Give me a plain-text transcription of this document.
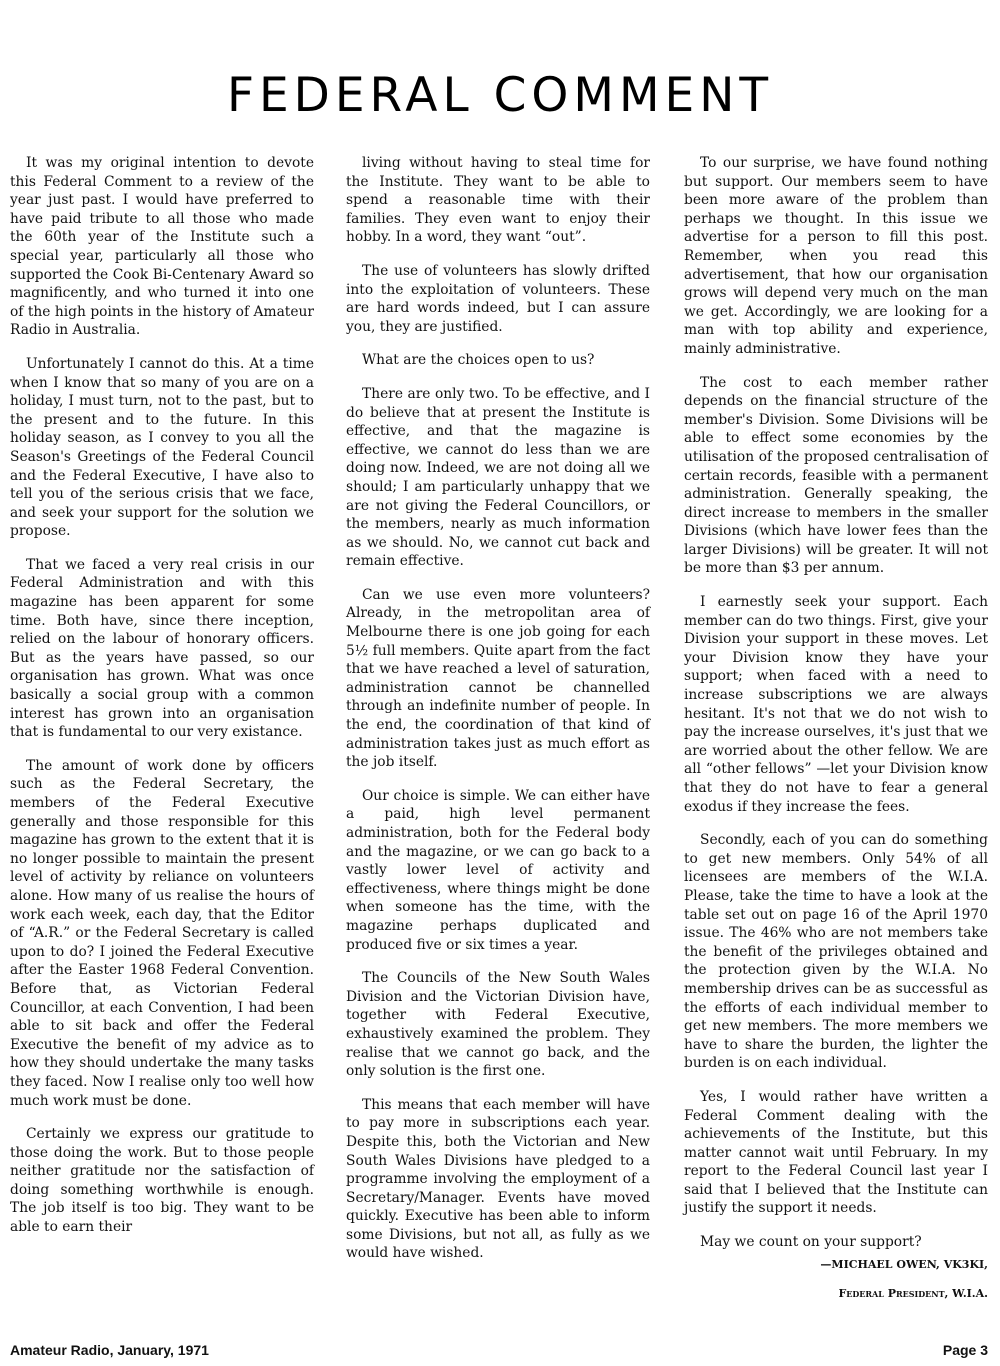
FEDERAL COMMENT

It was my original intention to devote this Federal Comment to a review of the year just past. I would have preferred to have paid tribute to all those who made the 60th year of the Institute such a special year, particularly all those who supported the Cook Bi-Centenary Award so magnificently, and who turned it into one of the high points in the history of Amateur Radio in Australia.

Unfortunately I cannot do this. At a time when I know that so many of you are on a holiday, I must turn, not to the past, but to the present and to the future. In this holiday season, as I convey to you all the Season's Greetings of the Federal Council and the Federal Executive, I have also to tell you of the serious crisis that we face, and seek your support for the solution we propose.

That we faced a very real crisis in our Federal Administration and with this magazine has been apparent for some time. Both have, since there inception, relied on the labour of honorary officers. But as the years have passed, so our organisation has grown. What was once basically a social group with a common interest has grown into an organisation that is fundamental to our very existance.

The amount of work done by officers such as the Federal Secretary, the members of the Federal Executive generally and those responsible for this magazine has grown to the extent that it is no longer possible to maintain the present level of activity by reliance on volunteers alone. How many of us realise the hours of work each week, each day, that the Editor of “A.R.” or the Federal Secretary is called upon to do? I joined the Federal Executive after the Easter 1968 Federal Convention. Before that, as Victorian Federal Councillor, at each Convention, I had been able to sit back and offer the Federal Executive the benefit of my advice as to how they should undertake the many tasks they faced. Now I realise only too well how much work must be done.

Certainly we express our gratitude to those doing the work. But to those people neither gratitude nor the satisfaction of doing something worthwhile is enough. The job itself is too big. They want to be able to earn their

living without having to steal time for the Institute. They want to be able to spend a reasonable time with their families. They even want to enjoy their hobby. In a word, they want “out”.

The use of volunteers has slowly drifted into the exploitation of volunteers. These are hard words indeed, but I can assure you, they are justified.

What are the choices open to us?

There are only two. To be effective, and I do believe that at present the Institute is effective, and that the magazine is effective, we cannot do less than we are doing now. Indeed, we are not doing all we should; I am particularly unhappy that we are not giving the Federal Councillors, or the members, nearly as much information as we should. No, we cannot cut back and remain effective.

Can we use even more volunteers? Already, in the metropolitan area of Melbourne there is one job going for each 5½ full members. Quite apart from the fact that we have reached a level of saturation, administration cannot be channelled through an indefinite number of people. In the end, the coordination of that kind of administration takes just as much effort as the job itself.

Our choice is simple. We can either have a paid, high level permanent administration, both for the Federal body and the magazine, or we can go back to a vastly lower level of activity and effectiveness, where things might be done when someone has the time, with the magazine perhaps duplicated and produced five or six times a year.

The Councils of the New South Wales Division and the Victorian Division have, together with Federal Executive, exhaustively examined the problem. They realise that we cannot go back, and the only solution is the first one.

This means that each member will have to pay more in subscriptions each year. Despite this, both the Victorian and New South Wales Divisions have pledged to a programme involving the employment of a Secretary/Manager. Events have moved quickly. Executive has been able to inform some Divisions, but not all, as fully as we would have wished.

To our surprise, we have found nothing but support. Our members seem to have been more aware of the problem than perhaps we thought. In this issue we advertise for a person to fill this post. Remember, when you read this advertisement, that how our organisation grows will depend very much on the man we get. Accordingly, we are looking for a man with top ability and experience, mainly administrative.

The cost to each member rather depends on the financial structure of the member's Division. Some Divisions will be able to effect some economies by the utilisation of the proposed centralisation of certain records, feasible with a permanent administration. Generally speaking, the direct increase to members in the smaller Divisions (which have lower fees than the larger Divisions) will be greater. It will not be more than $3 per annum.

I earnestly seek your support. Each member can do two things. First, give your Division your support in these moves. Let your Division know they have your support; when faced with a need to increase subscriptions we are always hesitant. It's not that we do not wish to pay the increase ourselves, it's just that we are worried about the other fellow. We are all “other fellows” —let your Division know that they do not have to fear a general exodus if they increase the fees.

Secondly, each of you can do something to get new members. Only 54% of all licensees are members of the W.I.A. Please, take the time to have a look at the table set out on page 16 of the April 1970 issue. The 46% who are not members take the benefit of the privileges obtained and the protection given by the W.I.A. No membership drives can be as successful as the efforts of each individual member to get new members. The more members we have to share the burden, the lighter the burden is on each individual.

Yes, I would rather have written a Federal Comment dealing with the achievements of the Institute, but this matter cannot wait until February. In my report to the Federal Council last year I said that I believed that the Institute can justify the support it needs.

May we count on your support?

—MICHAEL OWEN, VK3KI,

Federal President, W.I.A.

Amateur Radio, January, 1971	Page 3
